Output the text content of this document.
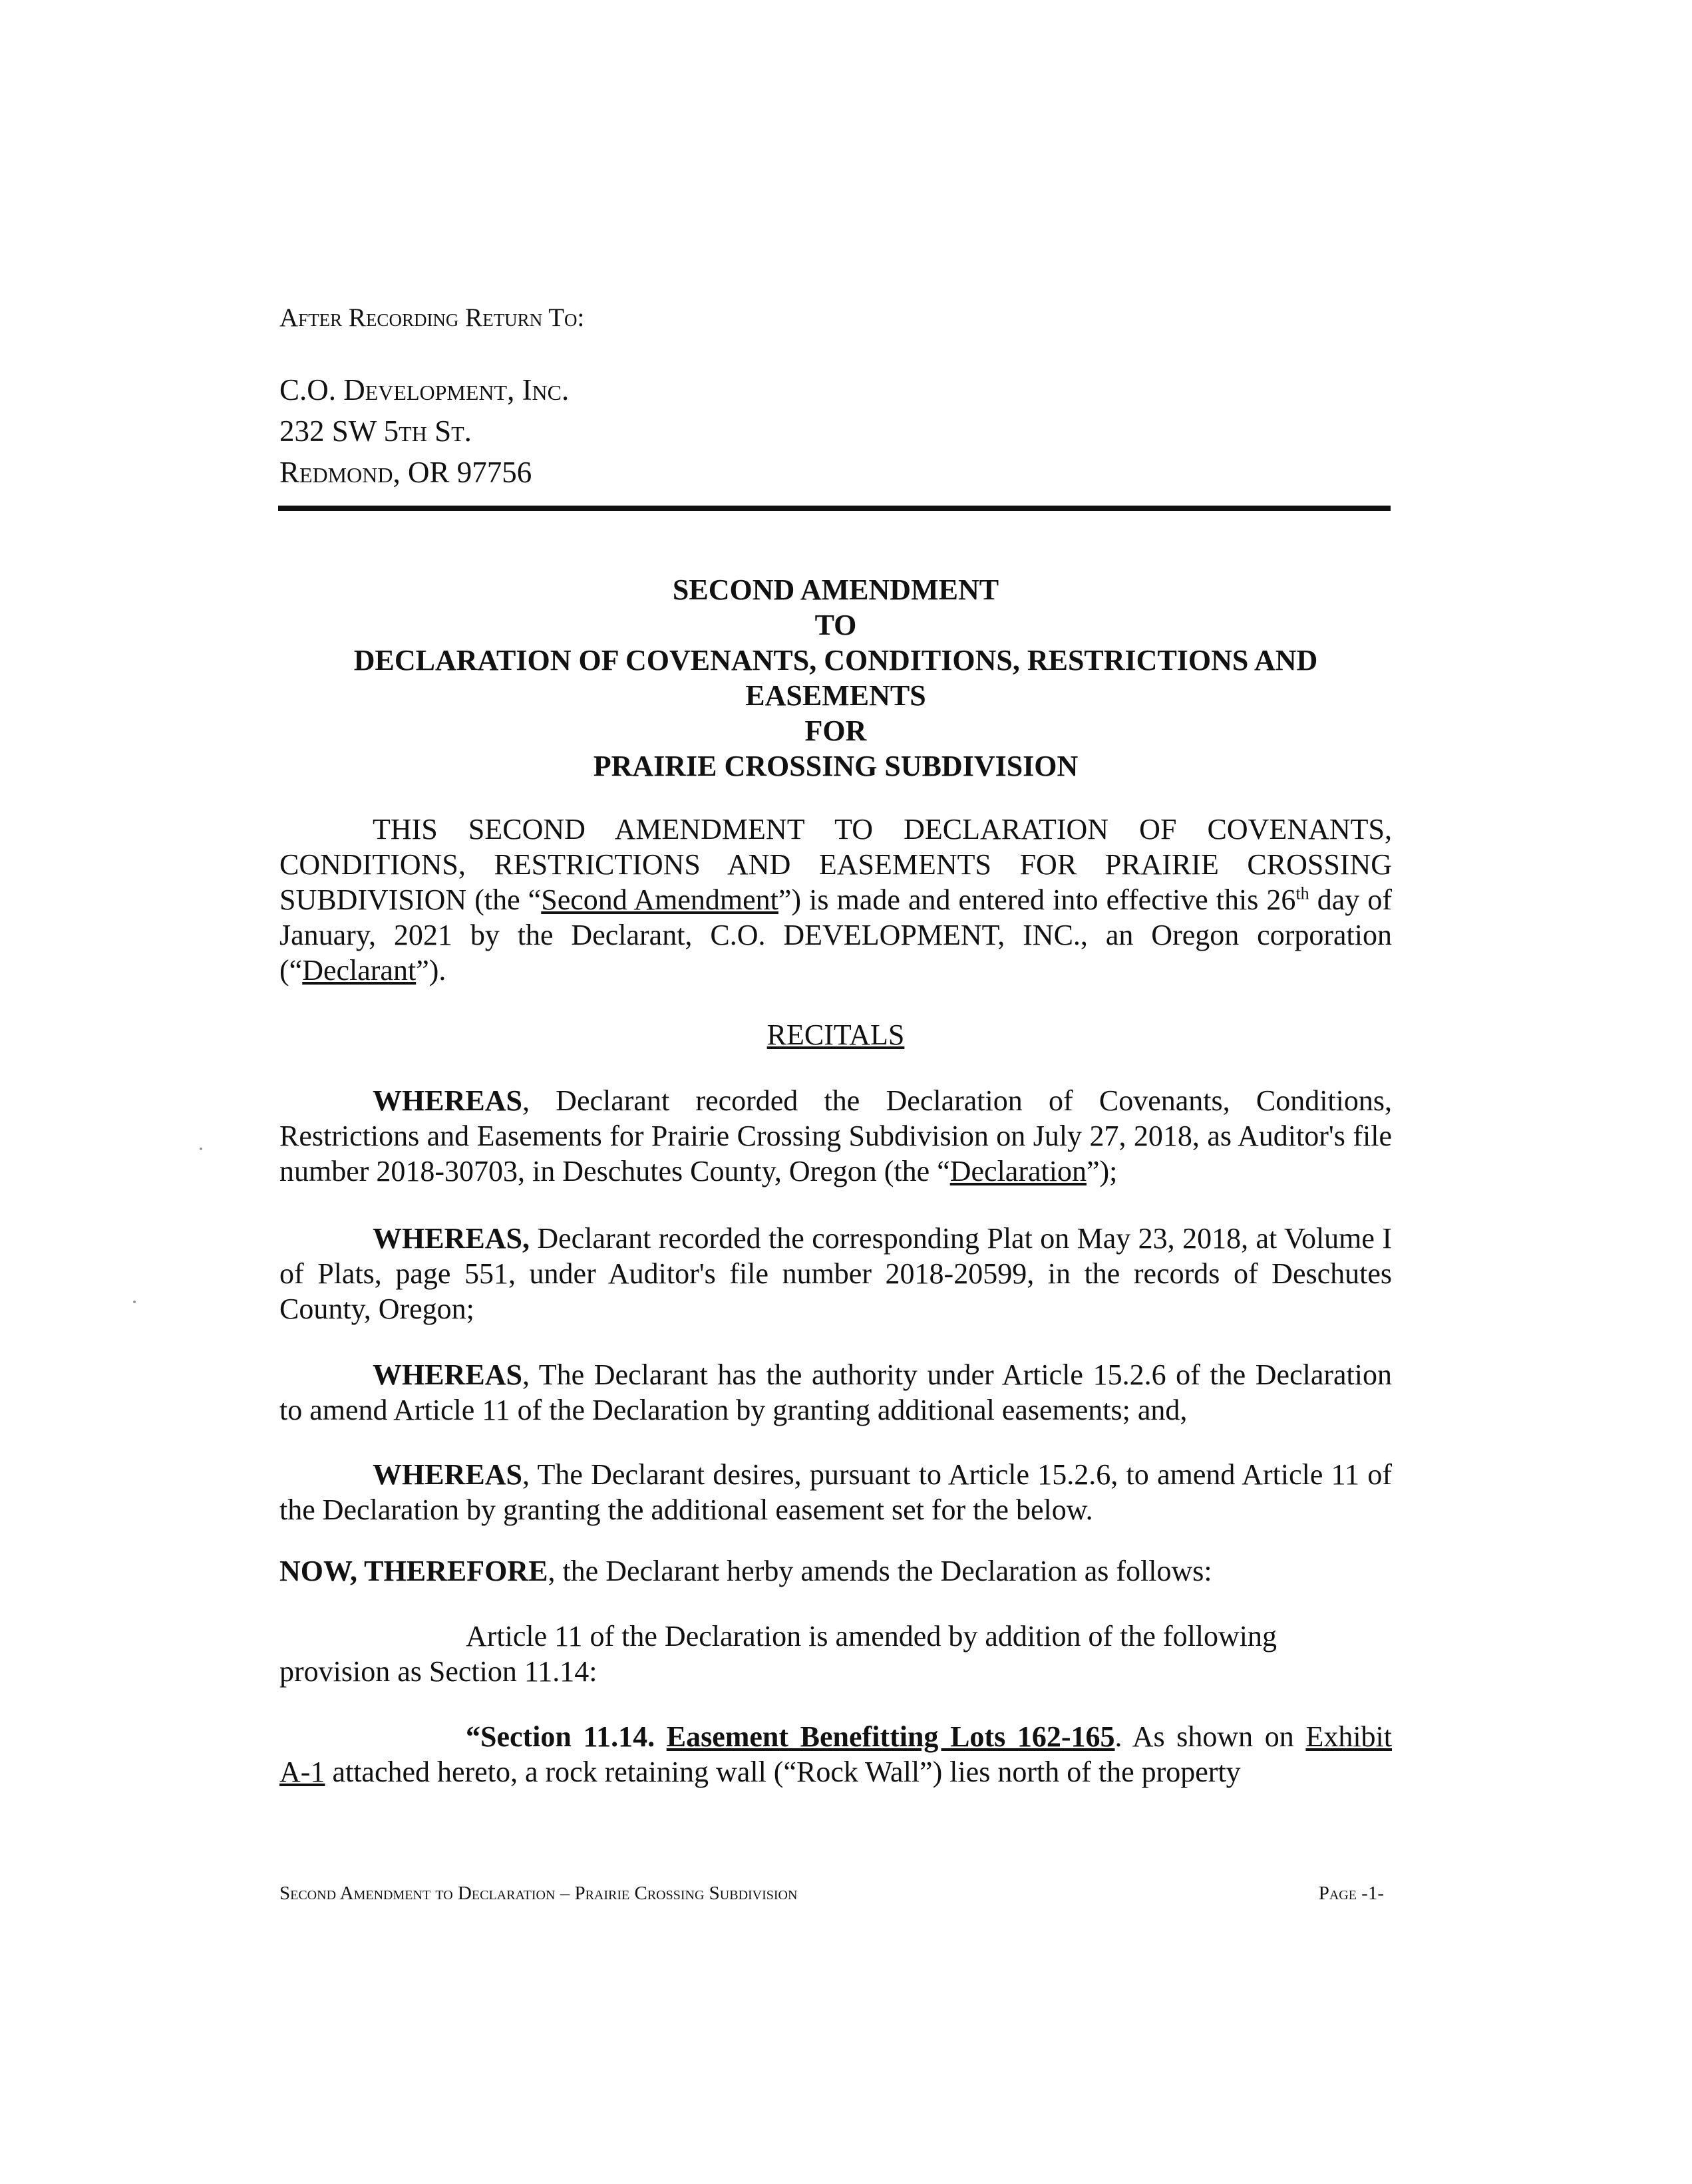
After Recording Return To:
C.O. Development, Inc.
232 SW 5th St.
Redmond, OR 97756
SECOND AMENDMENT
TO
DECLARATION OF COVENANTS, CONDITIONS, RESTRICTIONS AND
EASEMENTS
FOR
PRAIRIE CROSSING SUBDIVISION
THIS SECOND AMENDMENT TO DECLARATION OF COVENANTS, CONDITIONS, RESTRICTIONS AND EASEMENTS FOR PRAIRIE CROSSING SUBDIVISION (the “Second Amendment”) is made and entered into effective this 26th day of January, 2021 by the Declarant, C.O. DEVELOPMENT, INC., an Oregon corporation (“Declarant”).
RECITALS
WHEREAS, Declarant recorded the Declaration of Covenants, Conditions, Restrictions and Easements for Prairie Crossing Subdivision on July 27, 2018, as Auditor's file number 2018-30703, in Deschutes County, Oregon (the “Declaration”);
WHEREAS, Declarant recorded the corresponding Plat on May 23, 2018, at Volume I of Plats, page 551, under Auditor's file number 2018-20599, in the records of Deschutes County, Oregon;
WHEREAS, The Declarant has the authority under Article 15.2.6 of the Declaration to amend Article 11 of the Declaration by granting additional easements; and,
WHEREAS, The Declarant desires, pursuant to Article 15.2.6, to amend Article 11 of the Declaration by granting the additional easement set for the below.
NOW, THEREFORE, the Declarant herby amends the Declaration as follows:
Article 11 of the Declaration is amended by addition of the following
provision as Section 11.14:
“Section 11.14. Easement Benefitting Lots 162-165. As shown on Exhibit
A-1 attached hereto, a rock retaining wall (“Rock Wall”) lies north of the property
Second Amendment to Declaration – Prairie Crossing Subdivision	Page -1-
